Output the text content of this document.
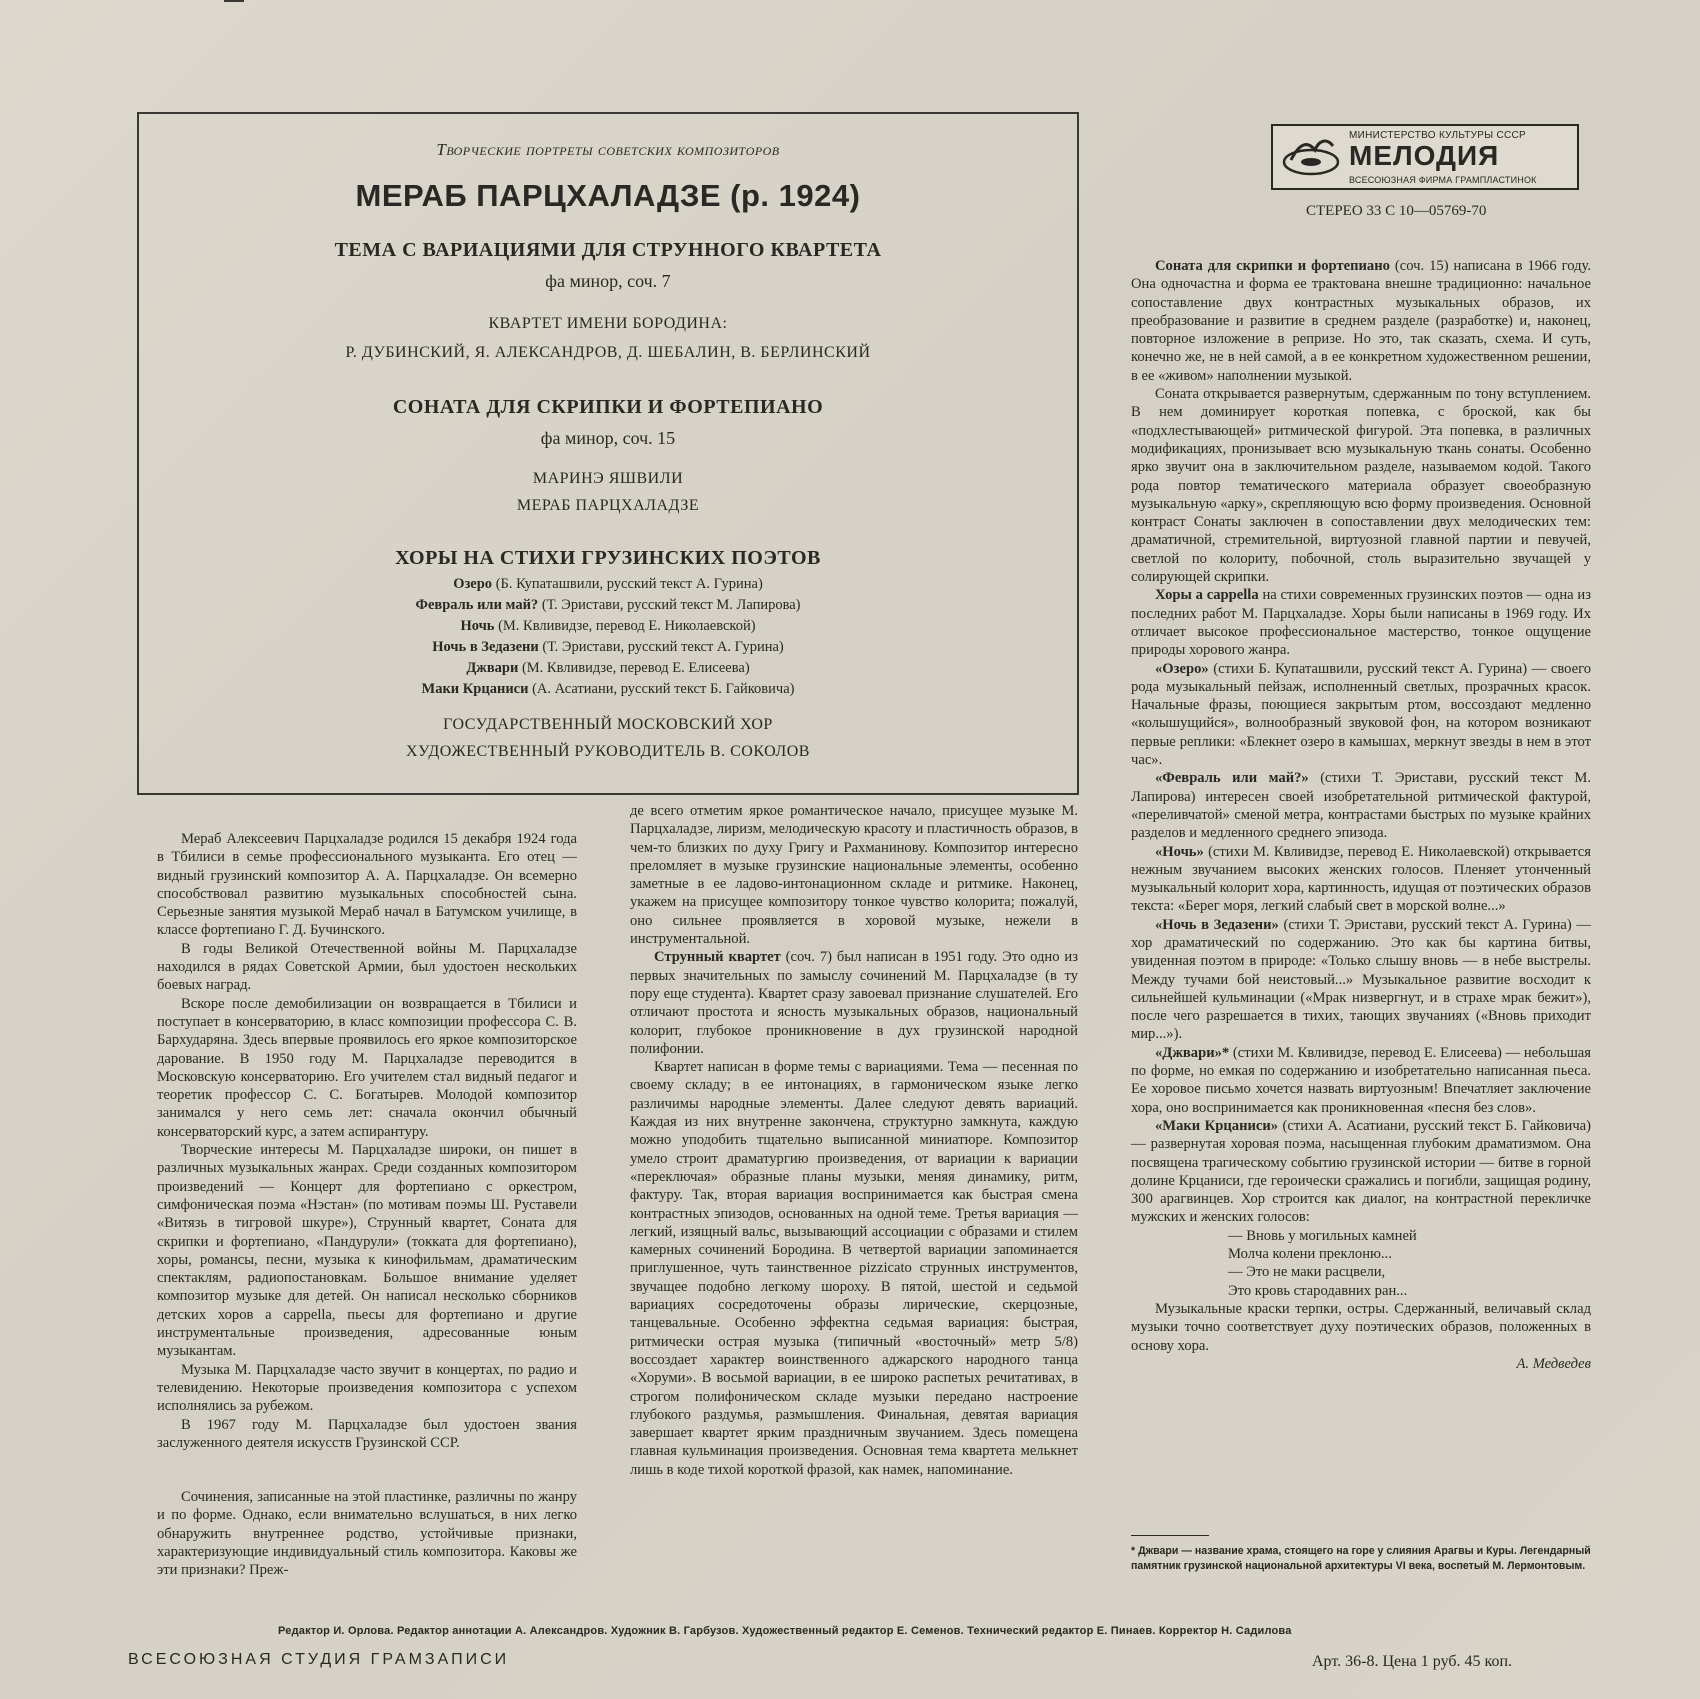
Творческие портреты советских композиторов
МЕРАБ ПАРЦХАЛАДЗЕ (р. 1924)
ТЕМА С ВАРИАЦИЯМИ ДЛЯ СТРУННОГО КВАРТЕТА
фа минор, соч. 7
КВАРТЕТ ИМЕНИ БОРОДИНА:
Р. ДУБИНСКИЙ, Я. АЛЕКСАНДРОВ, Д. ШЕБАЛИН, В. БЕРЛИНСКИЙ
СОНАТА ДЛЯ СКРИПКИ И ФОРТЕПИАНО
фа минор, соч. 15
МАРИНЭ ЯШВИЛИ
МЕРАБ ПАРЦХАЛАДЗЕ
ХОРЫ НА СТИХИ ГРУЗИНСКИХ ПОЭТОВ
Озеро (Б. Купаташвили, русский текст А. Гурина)
Февраль или май? (Т. Эристави, русский текст М. Лапирова)
Ночь (М. Квливидзе, перевод Е. Николаевской)
Ночь в Зедазени (Т. Эристави, русский текст А. Гурина)
Джвари (М. Квливидзе, перевод Е. Елисеева)
Маки Крцаниси (А. Асатиани, русский текст Б. Гайковича)
ГОСУДАРСТВЕННЫЙ МОСКОВСКИЙ ХОР
ХУДОЖЕСТВЕННЫЙ РУКОВОДИТЕЛЬ В. СОКОЛОВ
МИНИСТЕРСТВО КУЛЬТУРЫ СССР
МЕЛОДИЯ
ВСЕСОЮЗНАЯ ФИРМА ГРАМПЛАСТИНОК
СТЕРЕО 33 С 10—05769-70

Мераб Алексеевич Парцхаладзе родился 15 декабря 1924 года в Тбилиси в семье профессионального музыканта. Его отец — видный грузинский композитор А. А. Парцхаладзе. Он всемерно способствовал развитию музыкальных способностей сына. Серьезные занятия музыкой Мераб начал в Батумском училище, в классе фортепиано Г. Д. Бучинского.

В годы Великой Отечественной войны М. Парцхаладзе находился в рядах Советской Армии, был удостоен нескольких боевых наград.

Вскоре после демобилизации он возвращается в Тбилиси и поступает в консерваторию, в класс композиции профессора С. В. Бархударяна. Здесь впервые проявилось его яркое композиторское дарование. В 1950 году М. Парцхаладзе переводится в Московскую консерваторию. Его учителем стал видный педагог и теоретик профессор С. С. Богатырев. Молодой композитор занимался у него семь лет: сначала окончил обычный консерваторский курс, а затем аспирантуру.

Творческие интересы М. Парцхаладзе широки, он пишет в различных музыкальных жанрах. Среди созданных композитором произведений — Концерт для фортепиано с оркестром, симфоническая поэма «Нэстан» (по мотивам поэмы Ш. Руставели «Витязь в тигровой шкуре»), Струнный квартет, Соната для скрипки и фортепиано, «Пандурули» (токката для фортепиано), хоры, романсы, песни, музыка к кинофильмам, драматическим спектаклям, радиопостановкам. Большое внимание уделяет композитор музыке для детей. Он написал несколько сборников детских хоров a cappella, пьесы для фортепиано и другие инструментальные произведения, адресованные юным музыкантам.

Музыка М. Парцхаладзе часто звучит в концертах, по радио и телевидению. Некоторые произведения композитора с успехом исполнялись за рубежом.

В 1967 году М. Парцхаладзе был удостоен звания заслуженного деятеля искусств Грузинской ССР.

Сочинения, записанные на этой пластинке, различны по жанру и по форме. Однако, если внимательно вслушаться, в них легко обнаружить внутреннее родство, устойчивые признаки, характеризующие индивидуальный стиль композитора. Каковы же эти признаки? Преж-

де всего отметим яркое романтическое начало, присущее музыке М. Парцхаладзе, лиризм, мелодическую красоту и пластичность образов, в чем-то близких по духу Григу и Рахманинову. Композитор интересно преломляет в музыке грузинские национальные элементы, особенно заметные в ее ладово-интонационном складе и ритмике. Наконец, укажем на присущее композитору тонкое чувство колорита; пожалуй, оно сильнее проявляется в хоровой музыке, нежели в инструментальной.

Струнный квартет (соч. 7) был написан в 1951 году. Это одно из первых значительных по замыслу сочинений М. Парцхаладзе (в ту пору еще студента). Квартет сразу завоевал признание слушателей. Его отличают простота и ясность музыкальных образов, национальный колорит, глубокое проникновение в дух грузинской народной полифонии.

Квартет написан в форме темы с вариациями. Тема — песенная по своему складу; в ее интонациях, в гармоническом языке легко различимы народные элементы. Далее следуют девять вариаций. Каждая из них внутренне закончена, структурно замкнута, каждую можно уподобить тщательно выписанной миниатюре. Композитор умело строит драматургию произведения, от вариации к вариации «переключая» образные планы музыки, меняя динамику, ритм, фактуру. Так, вторая вариация воспринимается как быстрая смена контрастных эпизодов, основанных на одной теме. Третья вариация — легкий, изящный вальс, вызывающий ассоциации с образами и стилем камерных сочинений Бородина. В четвертой вариации запоминается приглушенное, чуть таинственное pizzicato струнных инструментов, звучащее подобно легкому шороху. В пятой, шестой и седьмой вариациях сосредоточены образы лирические, скерцозные, танцевальные. Особенно эффектна седьмая вариация: быстрая, ритмически острая музыка (типичный «восточный» метр 5/8) воссоздает характер воинственного аджарского народного танца «Хоруми». В восьмой вариации, в ее широко распетых речитативах, в строгом полифоническом складе музыки передано настроение глубокого раздумья, размышления. Финальная, девятая вариация завершает квартет ярким праздничным звучанием. Здесь помещена главная кульминация произведения. Основная тема квартета мелькнет лишь в коде тихой короткой фразой, как намек, напоминание.

Соната для скрипки и фортепиано (соч. 15) написана в 1966 году. Она одночастна и форма ее трактована внешне традиционно: начальное сопоставление двух контрастных музыкальных образов, их преобразование и развитие в среднем разделе (разработке) и, наконец, повторное изложение в репризе. Но это, так сказать, схема. И суть, конечно же, не в ней самой, а в ее конкретном художественном решении, в ее «живом» наполнении музыкой.

Соната открывается развернутым, сдержанным по тону вступлением. В нем доминирует короткая попевка, с броской, как бы «подхлестывающей» ритмической фигурой. Эта попевка, в различных модификациях, пронизывает всю музыкальную ткань сонаты. Особенно ярко звучит она в заключительном разделе, называемом кодой. Такого рода повтор тематического материала образует своеобразную музыкальную «арку», скрепляющую всю форму произведения. Основной контраст Сонаты заключен в сопоставлении двух мелодических тем: драматичной, стремительной, виртуозной главной партии и певучей, светлой по колориту, побочной, столь выразительно звучащей у солирующей скрипки.

Хоры a cappella на стихи современных грузинских поэтов — одна из последних работ М. Парцхаладзе. Хоры были написаны в 1969 году. Их отличает высокое профессиональное мастерство, тонкое ощущение природы хорового жанра.

«Озеро» (стихи Б. Купаташвили, русский текст А. Гурина) — своего рода музыкальный пейзаж, исполненный светлых, прозрачных красок. Начальные фразы, поющиеся закрытым ртом, воссоздают медленно «колышущийся», волнообразный звуковой фон, на котором возникают первые реплики: «Блекнет озеро в камышах, меркнут звезды в нем в этот час».

«Февраль или май?» (стихи Т. Эристави, русский текст М. Лапирова) интересен своей изобретательной ритмической фактурой, «переливчатой» сменой метра, контрастами быстрых по музыке крайних разделов и медленного среднего эпизода.

«Ночь» (стихи М. Квливидзе, перевод Е. Николаевской) открывается нежным звучанием высоких женских голосов. Пленяет утонченный музыкальный колорит хора, картинность, идущая от поэтических образов текста: «Берег моря, легкий слабый свет в морской волне...»

«Ночь в Зедазени» (стихи Т. Эристави, русский текст А. Гурина) — хор драматический по содержанию. Это как бы картина битвы, увиденная поэтом в природе: «Только слышу вновь — в небе выстрелы. Между тучами бой неистовый...» Музыкальное развитие восходит к сильнейшей кульминации («Мрак низвергнут, и в страхе мрак бежит»), после чего разрешается в тихих, тающих звучаниях («Вновь приходит мир...»).

«Джвари»* (стихи М. Квливидзе, перевод Е. Елисеева) — небольшая по форме, но емкая по содержанию и изобретательно написанная пьеса. Ее хоровое письмо хочется назвать виртуозным! Впечатляет заключение хора, оно воспринимается как проникновенная «песня без слов».

«Маки Крцаниси» (стихи А. Асатиани, русский текст Б. Гайковича) — развернутая хоровая поэма, насыщенная глубоким драматизмом. Она посвящена трагическому событию грузинской истории — битве в горной долине Крцаниси, где героически сражались и погибли, защищая родину, 300 арагвинцев. Хор строится как диалог, на контрастной перекличке мужских и женских голосов:

— Вновь у могильных камней

Молча колени преклоню...

— Это не маки расцвели,

Это кровь стародавних ран...

Музыкальные краски терпки, остры. Сдержанный, величавый склад музыки точно соответствует духу поэтических образов, положенных в основу хора.

А. Медведев

* Джвари — название храма, стоящего на горе у слияния Арагвы и Куры. Легендарный памятник грузинской национальной архитектуры VI века, воспетый М. Лермонтовым.
Редактор И. Орлова. Редактор аннотации А. Александров. Художник В. Гарбузов. Художественный редактор Е. Семенов. Технический редактор Е. Пинаев. Корректор Н. Садилова
ВСЕСОЮЗНАЯ СТУДИЯ ГРАМЗАПИСИ	Арт. 36-8. Цена 1 руб. 45 коп.
